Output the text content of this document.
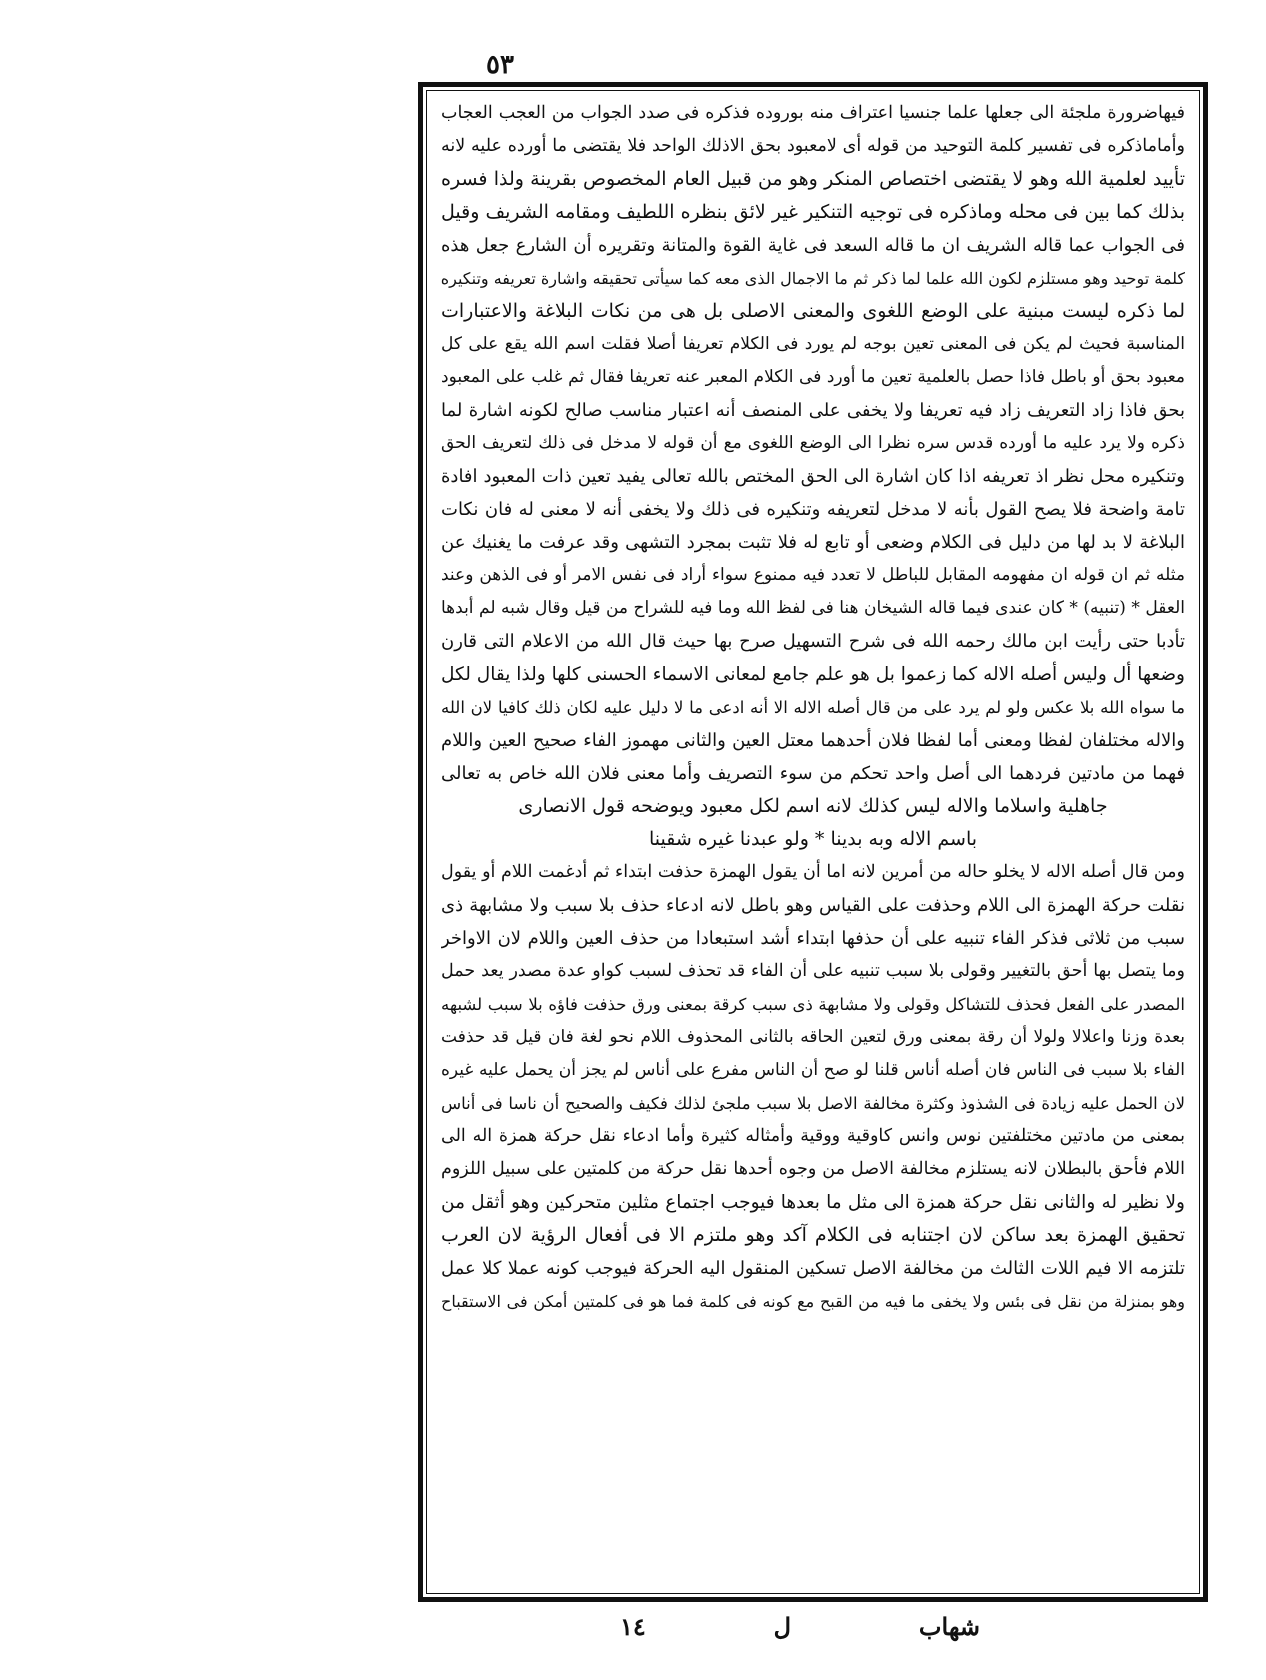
٥٣
فيهاضرورة ملجئة الى جعلها علما جنسيا اعتراف منه بوروده فذكره فى صدد الجواب من العجب العجاب
وأماماذكره فى تفسير كلمة التوحيد من قوله أى لامعبود بحق الاذلك الواحد فلا يقتضى ما أورده عليه لانه
تأييد لعلمية الله وهو لا يقتضى اختصاص المنكر وهو من قبيل العام المخصوص بقرينة ولذا فسره
بذلك كما بين فى محله وماذكره فى توجيه التنكير غير لائق بنظره اللطيف ومقامه الشريف وقيل
فى الجواب عما قاله الشريف ان ما قاله السعد فى غاية القوة والمتانة وتقريره أن الشارع جعل هذه
كلمة توحيد وهو مستلزم لكون الله علما لما ذكر ثم ما الاجمال الذى معه كما سيأتى تحقيقه واشارة تعريفه وتنكيره
لما ذكره ليست مبنية على الوضع اللغوى والمعنى الاصلى بل هى من نكات البلاغة والاعتبارات
المناسبة فحيث لم يكن فى المعنى تعين بوجه لم يورد فى الكلام تعريفا أصلا فقلت اسم الله يقع على كل
معبود بحق أو باطل فاذا حصل بالعلمية تعين ما أورد فى الكلام المعبر عنه تعريفا فقال ثم غلب على المعبود
بحق فاذا زاد التعريف زاد فيه تعريفا ولا يخفى على المنصف أنه اعتبار مناسب صالح لكونه اشارة لما
ذكره ولا يرد عليه ما أورده قدس سره نظرا الى الوضع اللغوى مع أن قوله لا مدخل فى ذلك لتعريف الحق
وتنكيره محل نظر اذ تعريفه اذا كان اشارة الى الحق المختص بالله تعالى يفيد تعين ذات المعبود افادة
تامة واضحة فلا يصح القول بأنه لا مدخل لتعريفه وتنكيره فى ذلك ولا يخفى أنه لا معنى له فان نكات
البلاغة لا بد لها من دليل فى الكلام وضعى أو تابع له فلا تثبت بمجرد التشهى وقد عرفت ما يغنيك عن
مثله ثم ان قوله ان مفهومه المقابل للباطل لا تعدد فيه ممنوع سواء أراد فى نفس الامر أو فى الذهن وعند
العقل * (تنبيه) * كان عندى فيما قاله الشيخان هنا فى لفظ الله وما فيه للشراح من قيل وقال شبه لم أبدها
تأدبا حتى رأيت ابن مالك رحمه الله فى شرح التسهيل صرح بها حيث قال الله من الاعلام التى قارن
وضعها أل وليس أصله الاله كما زعموا بل هو علم جامع لمعانى الاسماء الحسنى كلها ولذا يقال لكل
ما سواه الله بلا عكس ولو لم يرد على من قال أصله الاله الا أنه ادعى ما لا دليل عليه لكان ذلك كافيا لان الله
والاله مختلفان لفظا ومعنى أما لفظا فلان أحدهما معتل العين والثانى مهموز الفاء صحيح العين واللام
فهما من مادتين فردهما الى أصل واحد تحكم من سوء التصريف وأما معنى فلان الله خاص به تعالى
جاهلية واسلاما والاله ليس كذلك لانه اسم لكل معبود ويوضحه قول الانصارى
باسم الاله وبه بدينا * ولو عبدنا غيره شقينا
ومن قال أصله الاله لا يخلو حاله من أمرين لانه اما أن يقول الهمزة حذفت ابتداء ثم أدغمت اللام أو يقول
نقلت حركة الهمزة الى اللام وحذفت على القياس وهو باطل لانه ادعاء حذف بلا سبب ولا مشابهة ذى
سبب من ثلاثى فذكر الفاء تنبيه على أن حذفها ابتداء أشد استبعادا من حذف العين واللام لان الاواخر
وما يتصل بها أحق بالتغيير وقولى بلا سبب تنبيه على أن الفاء قد تحذف لسبب كواو عدة مصدر يعد حمل
المصدر على الفعل فحذف للتشاكل وقولى ولا مشابهة ذى سبب كرقة بمعنى ورق حذفت فاؤه بلا سبب لشبهه
بعدة وزنا واعلالا ولولا أن رقة بمعنى ورق لتعين الحاقه بالثانى المحذوف اللام نحو لغة فان قيل قد حذفت
الفاء بلا سبب فى الناس فان أصله أناس قلنا لو صح أن الناس مفرع على أناس لم يجز أن يحمل عليه غيره
لان الحمل عليه زيادة فى الشذوذ وكثرة مخالفة الاصل بلا سبب ملجئ لذلك فكيف والصحيح أن ناسا فى أناس
بمعنى من مادتين مختلفتين نوس وانس كاوقية ووقية وأمثاله كثيرة وأما ادعاء نقل حركة همزة اله الى
اللام فأحق بالبطلان لانه يستلزم مخالفة الاصل من وجوه أحدها نقل حركة من كلمتين على سبيل اللزوم
ولا نظير له والثانى نقل حركة همزة الى مثل ما بعدها فيوجب اجتماع مثلين متحركين وهو أثقل من
تحقيق الهمزة بعد ساكن لان اجتنابه فى الكلام آكد وهو ملتزم الا فى أفعال الرؤية لان العرب
تلتزمه الا فيم اللات الثالث من مخالفة الاصل تسكين المنقول اليه الحركة فيوجب كونه عملا كلا عمل
وهو بمنزلة من نقل فى بئس ولا يخفى ما فيه من القبح مع كونه فى كلمة فما هو فى كلمتين أمكن فى الاستقباح
شهاب
ل
١٤
